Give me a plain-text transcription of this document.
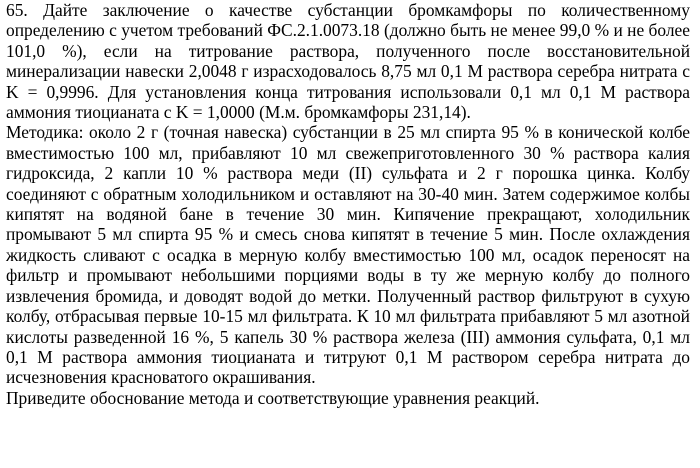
65. Дайте заключение о качестве субстанции бромкамфоры по количественному определению с учетом требований ФС.2.1.0073.18 (должно быть не менее 99,0 % и не более 101,0 %), если на титрование раствора, полученного после восстановительной минерализации навески 2,0048 г израсходовалось 8,75 мл 0,1 М раствора серебра нитрата с K = 0,9996. Для установления конца титрования использовали 0,1 мл 0,1 М раствора аммония тиоцианата с K = 1,0000 (М.м. бромкамфоры 231,14).

Методика: около 2 г (точная навеска) субстанции в 25 мл спирта 95 % в конической колбе вместимостью 100 мл, прибавляют 10 мл свежеприготовленного 30 % раствора калия гидроксида, 2 капли 10 % раствора меди (II) сульфата и 2 г порошка цинка. Колбу соединяют с обратным холодильником и оставляют на 30-40 мин. Затем содержимое колбы кипятят на водяной бане в течение 30 мин. Кипячение прекращают, холодильник промывают 5 мл спирта 95 % и смесь снова кипятят в течение 5 мин. После охлаждения жидкость сливают с осадка в мерную колбу вместимостью 100 мл, осадок переносят на фильтр и промывают небольшими порциями воды в ту же мерную колбу до полного извлечения бромида, и доводят водой до метки. Полученный раствор фильтруют в сухую колбу, отбрасывая первые 10-15 мл фильтрата. К 10 мл фильтрата прибавляют 5 мл азотной кислоты разведенной 16 %, 5 капель 30 % раствора железа (III) аммония сульфата, 0,1 мл 0,1 М раствора аммония тиоцианата и титруют 0,1 М раствором серебра нитрата до исчезновения красноватого окрашивания.

Приведите обоснование метода и соответствующие уравнения реакций.
